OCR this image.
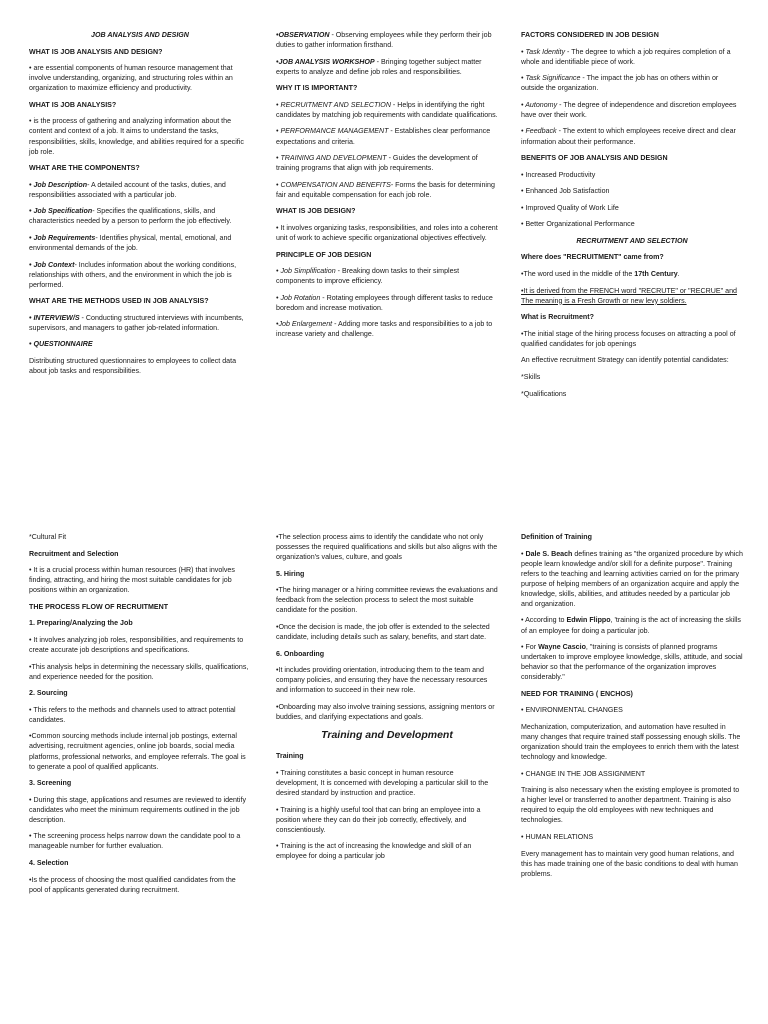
JOB ANALYSIS AND DESIGN

WHAT IS JOB ANALYSIS AND DESIGN?

• are essential components of human resource management that involve understanding, organizing, and structuring roles within an organization to maximize efficiency and productivity.

WHAT IS JOB ANALYSIS?

• is the process of gathering and analyzing information about the content and context of a job. It aims to understand the tasks, responsibilities, skills, knowledge, and abilities required for a specific job role.

WHAT ARE THE COMPONENTS?

• Job Description- A detailed account of the tasks, duties, and responsibilities associated with a particular job.

• Job Specification- Specifies the qualifications, skills, and characteristics needed by a person to perform the job effectively.

• Job Requirements- Identifies physical, mental, emotional, and environmental demands of the job.

• Job Context- Includes information about the working conditions, relationships with others, and the environment in which the job is performed.

WHAT ARE THE METHODS USED IN JOB ANALYSIS?

• INTERVIEW/S - Conducting structured interviews with incumbents, supervisors, and managers to gather job-related information.

• QUESTIONNAIRE

Distributing structured questionnaires to employees to collect data about job tasks and responsibilities.

•OBSERVATION - Observing employees while they perform their job duties to gather information firsthand.

•JOB ANALYSIS WORKSHOP - Bringing together subject matter experts to analyze and define job roles and responsibilities.

WHY IT IS IMPORTANT?

• RECRUITMENT AND SELECTION - Helps in identifying the right candidates by matching job requirements with candidate qualifications.

• PERFORMANCE MANAGEMENT - Establishes clear performance expectations and criteria.

• TRAINING AND DEVELOPMENT - Guides the development of training programs that align with job requirements.

• COMPENSATION AND BENEFITS- Forms the basis for determining fair and equitable compensation for each job role.

WHAT IS JOB DESIGN?

• It involves organizing tasks, responsibilities, and roles into a coherent unit of work to achieve specific organizational objectives effectively.

PRINCIPLE OF JOB DESIGN

• Job Simplification - Breaking down tasks to their simplest components to improve efficiency.

• Job Rotation - Rotating employees through different tasks to reduce boredom and increase motivation.

•Job Enlargement - Adding more tasks and responsibilities to a job to increase variety and challenge.

FACTORS CONSIDERED IN JOB DESIGN

• Task Identity - The degree to which a job requires completion of a whole and identifiable piece of work.

• Task Significance - The impact the job has on others within or outside the organization.

• Autonomy - The degree of independence and discretion employees have over their work.

• Feedback - The extent to which employees receive direct and clear information about their performance.

BENEFITS OF JOB ANALYSIS AND DESIGN

• Increased Productivity

• Enhanced Job Satisfaction

• Improved Quality of Work Life

• Better Organizational Performance

RECRUITMENT AND SELECTION

Where does "RECRUITMENT" came from?

•The word used in the middle of the 17th Century.

•It is derived from the FRENCH word "RECRUTE" or "RECRUE" and The meaning is a Fresh Growth or new levy soldiers.

What is Recruitment?

•The initial stage of the hiring process focuses on attracting a pool of qualified candidates for job openings

An effective recruitment Strategy can identify potential candidates:

*Skills

*Qualifications

*Cultural Fit

Recruitment and Selection

• It is a crucial process within human resources (HR) that involves finding, attracting, and hiring the most suitable candidates for job positions within an organization.

THE PROCESS FLOW OF RECRUITMENT

1. Preparing/Analyzing the Job

• It involves analyzing job roles, responsibilities, and requirements to create accurate job descriptions and specifications.

•This analysis helps in determining the necessary skills, qualifications, and experience needed for the position.

2. Sourcing

• This refers to the methods and channels used to attract potential candidates.

•Common sourcing methods include internal job postings, external advertising, recruitment agencies, online job boards, social media platforms, professional networks, and employee referrals. The goal is to generate a pool of qualified applicants.

3. Screening

• During this stage, applications and resumes are reviewed to identify candidates who meet the minimum requirements outlined in the job description.

• The screening process helps narrow down the candidate pool to a manageable number for further evaluation.

4. Selection

•Is the process of choosing the most qualified candidates from the pool of applicants generated during recruitment.

•The selection process aims to identify the candidate who not only possesses the required qualifications and skills but also aligns with the organization's values, culture, and goals

5. Hiring

•The hiring manager or a hiring committee reviews the evaluations and feedback from the selection process to select the most suitable candidate for the position.

•Once the decision is made, the job offer is extended to the selected candidate, including details such as salary, benefits, and start date.

6. Onboarding

•It includes providing orientation, introducing them to the team and company policies, and ensuring they have the necessary resources and information to succeed in their new role.

•Onboarding may also involve training sessions, assigning mentors or buddies, and clarifying expectations and goals.

Training and Development

Training

• Training constitutes a basic concept in human resource development, It is concerned with developing a particular skill to the desired standard by instruction and practice.

• Training is a highly useful tool that can bring an employee into a position where they can do their job correctly, effectively, and conscientiously.

• Training is the act of increasing the knowledge and skill of an employee for doing a particular job

Definition of Training

• Dale S. Beach defines training as "the organized procedure by which people learn knowledge and/or skill for a definite purpose". Training refers to the teaching and learning activities carried on for the primary purpose of helping members of an organization acquire and apply the knowledge, skills, abilities, and attitudes needed by a particular job and organization.

• According to Edwin Flippo, 'training is the act of increasing the skills of an employee for doing a particular job.

• For Wayne Cascio, "training is consists of planned programs undertaken to improve employee knowledge, skills, attitude, and social behavior so that the performance of the organization improves considerably."

NEED FOR TRAINING ( ENCHOS)

• ENVIRONMENTAL CHANGES

Mechanization, computerization, and automation have resulted in many changes that require trained staff possessing enough skills. The organization should train the employees to enrich them with the latest technology and knowledge.

• CHANGE IN THE JOB ASSIGNMENT

Training is also necessary when the existing employee is promoted to a higher level or transferred to another department. Training is also required to equip the old employees with new techniques and technologies.

• HUMAN RELATIONS

Every management has to maintain very good human relations, and this has made training one of the basic conditions to deal with human problems.
